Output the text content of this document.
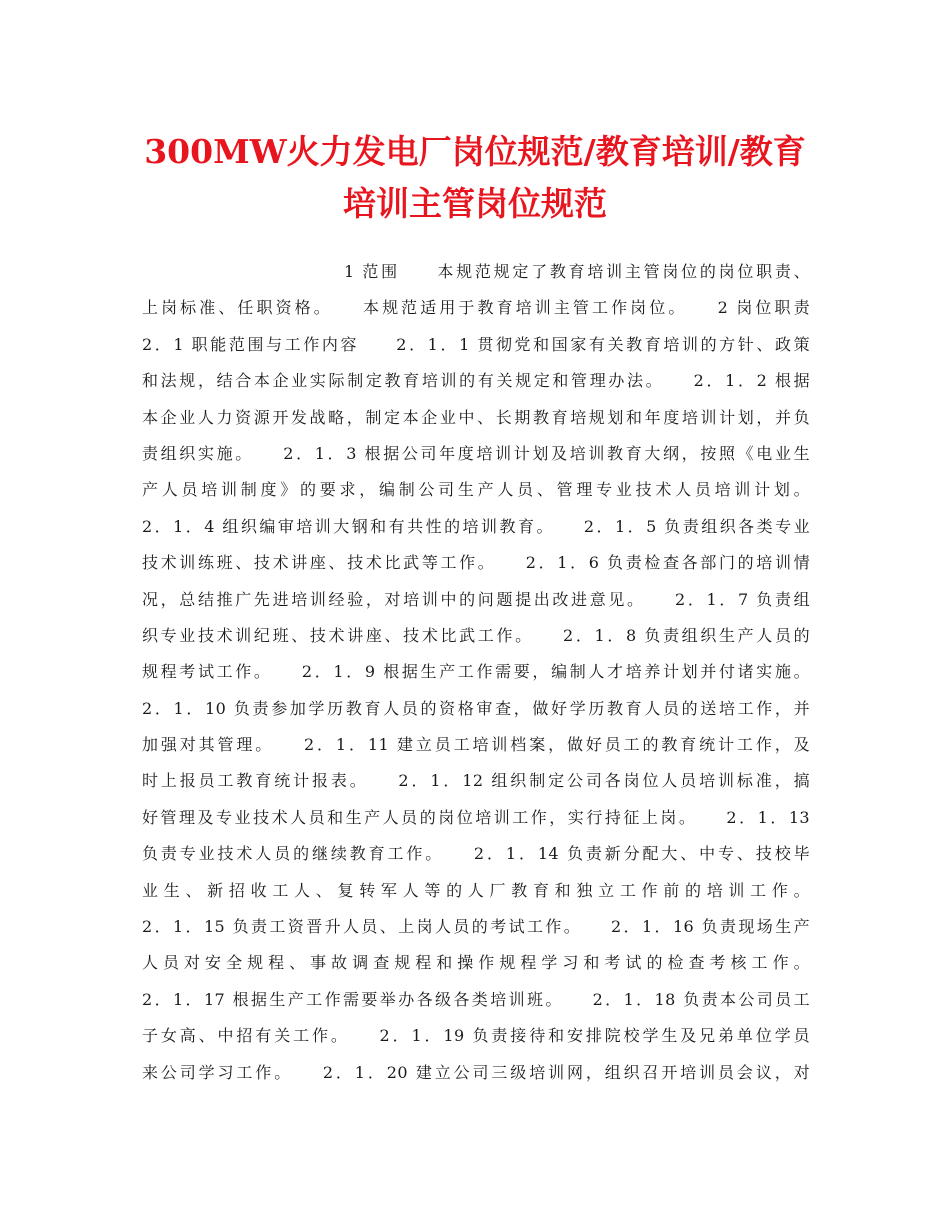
300MW火力发电厂岗位规范/教育培训/教育
培训主管岗位规范
1 范围　　本规范规定了教育培训主管岗位的岗位职责、
上岗标准、任职资格。　　本规范适用于教育培训主管工作岗位。　　2 岗位职责
2．1 职能范围与工作内容　　2．1．1 贯彻党和国家有关教育培训的方针、政策
和法规，结合本企业实际制定教育培训的有关规定和管理办法。　　2．1．2 根据
本企业人力资源开发战略，制定本企业中、长期教育培规划和年度培训计划，并负
责组织实施。　　2．1．3 根据公司年度培训计划及培训教育大纲，按照《电业生
产人员培训制度》的要求，编制公司生产人员、管理专业技术人员培训计划。
2．1．4 组织编审培训大钢和有共性的培训教育。　　2．1．5 负责组织各类专业
技术训练班、技术讲座、技术比武等工作。　　2．1．6 负责检查各部门的培训情
况，总结推广先进培训经验，对培训中的问题提出改进意见。　　2．1．7 负责组
织专业技术训纪班、技术讲座、技术比武工作。　　2．1．8 负责组织生产人员的
规程考试工作。　　2．1．9 根据生产工作需要，编制人才培养计划并付诸实施。
2．1．10 负责参加学历教育人员的资格审查，做好学历教育人员的送培工作，并
加强对其管理。　　2．1．11 建立员工培训档案，做好员工的教育统计工作，及
时上报员工教育统计报表。　　2．1．12 组织制定公司各岗位人员培训标准，搞
好管理及专业技术人员和生产人员的岗位培训工作，实行持征上岗。　　2．1．13
负责专业技术人员的继续教育工作。　　2．1．14 负责新分配大、中专、技校毕
业生、新招收工人、复转军人等的人厂教育和独立工作前的培训工作。
2．1．15 负责工资晋升人员、上岗人员的考试工作。　　2．1．16 负责现场生产
人员对安全规程、事故调查规程和操作规程学习和考试的检查考核工作。
2．1．17 根据生产工作需要举办各级各类培训班。　　2．1．18 负责本公司员工
子女高、中招有关工作。　　2．1．19 负责接待和安排院校学生及兄弟单位学员
来公司学习工作。　　2．1．20 建立公司三级培训网，组织召开培训员会议，对
